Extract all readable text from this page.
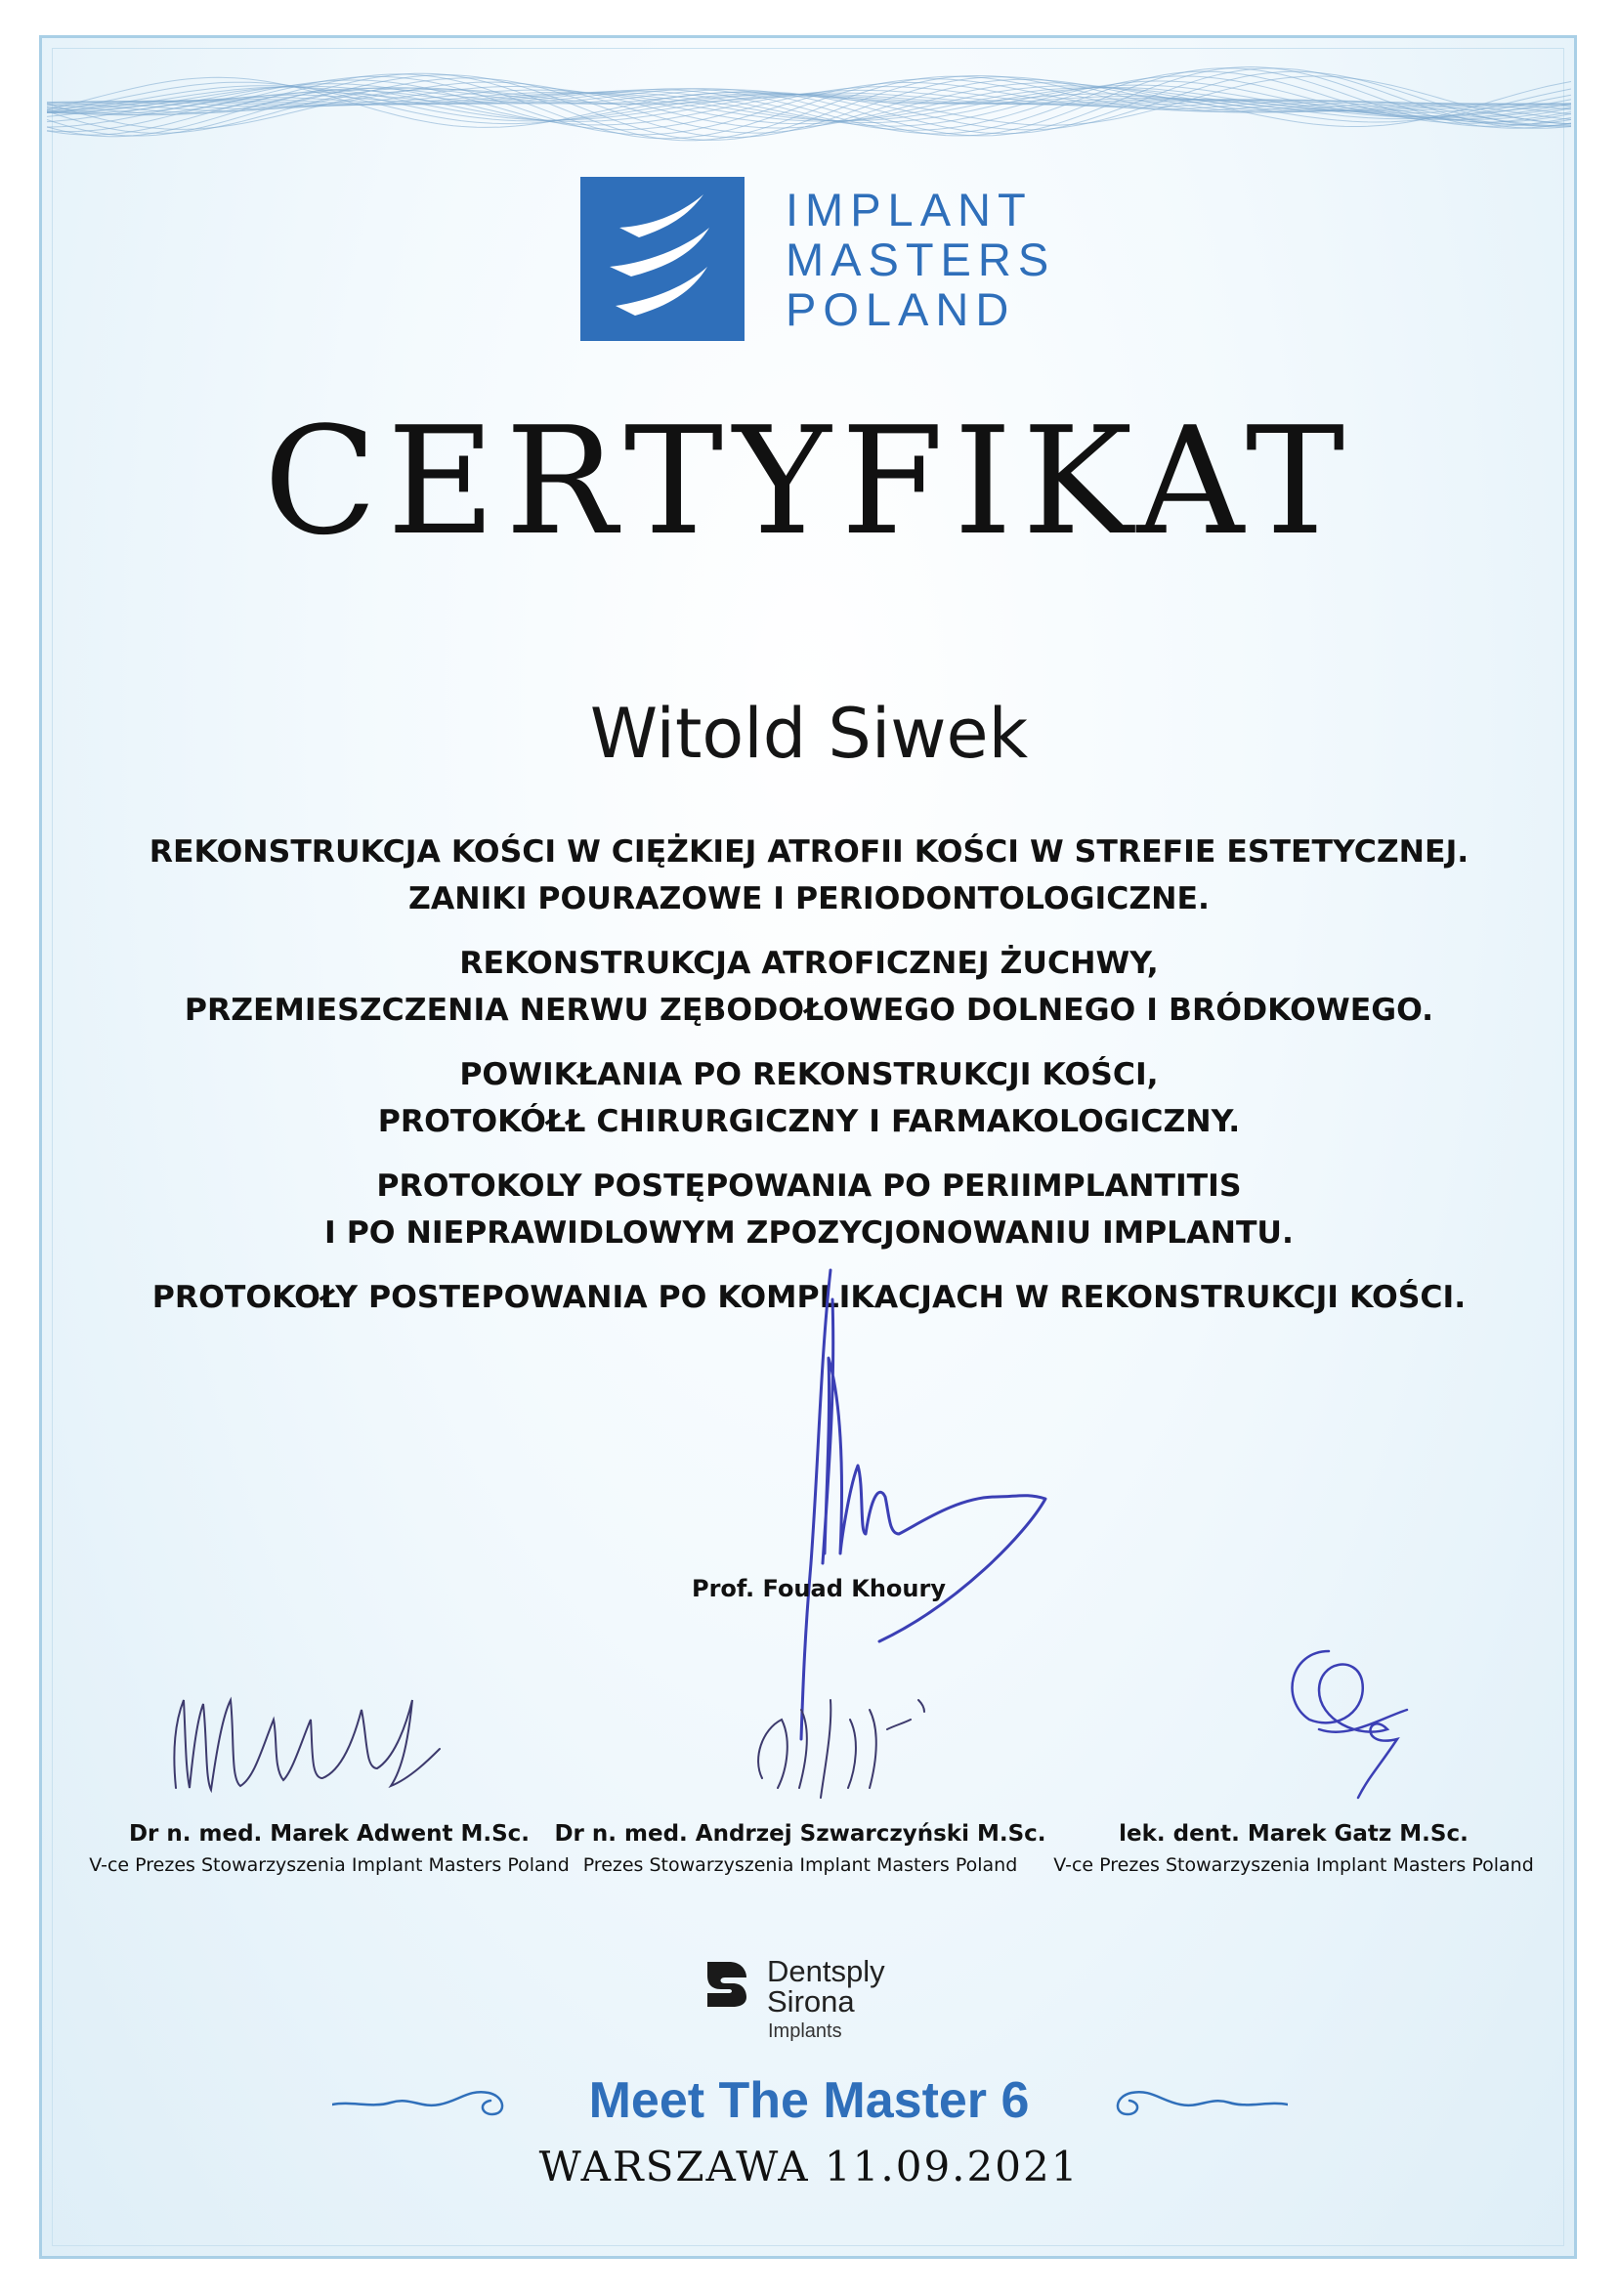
IMPLANT
MASTERS
POLAND
CERTYFIKAT
Witold Siwek
REKONSTRUKCJA KOŚCI W CIĘŻKIEJ ATROFII KOŚCI W STREFIE ESTETYCZNEJ.
ZANIKI POURAZOWE I PERIODONTOLOGICZNE.
REKONSTRUKCJA ATROFICZNEJ ŻUCHWY,
PRZEMIESZCZENIA NERWU ZĘBODOŁOWEGO DOLNEGO I BRÓDKOWEGO.
POWIKŁANIA PO REKONSTRUKCJI KOŚCI,
PROTOKÓŁŁ CHIRURGICZNY I FARMAKOLOGICZNY.
PROTOKOLY POSTĘPOWANIA PO PERIIMPLANTITIS
I PO NIEPRAWIDLOWYM ZPOZYCJONOWANIU IMPLANTU.
PROTOKOŁY POSTEPOWANIA PO KOMPLIKACJACH W REKONSTRUKCJI KOŚCI.
Prof. Fouad Khoury
Dr n. med. Marek Adwent M.Sc.
V-ce Prezes Stowarzyszenia Implant Masters Poland
Dr n. med. Andrzej Szwarczyński M.Sc.
Prezes Stowarzyszenia Implant Masters Poland
lek. dent. Marek Gatz M.Sc.
V-ce Prezes Stowarzyszenia Implant Masters Poland
Dentsply
Sirona
Implants
Meet The Master 6
WARSZAWA 11.09.2021
